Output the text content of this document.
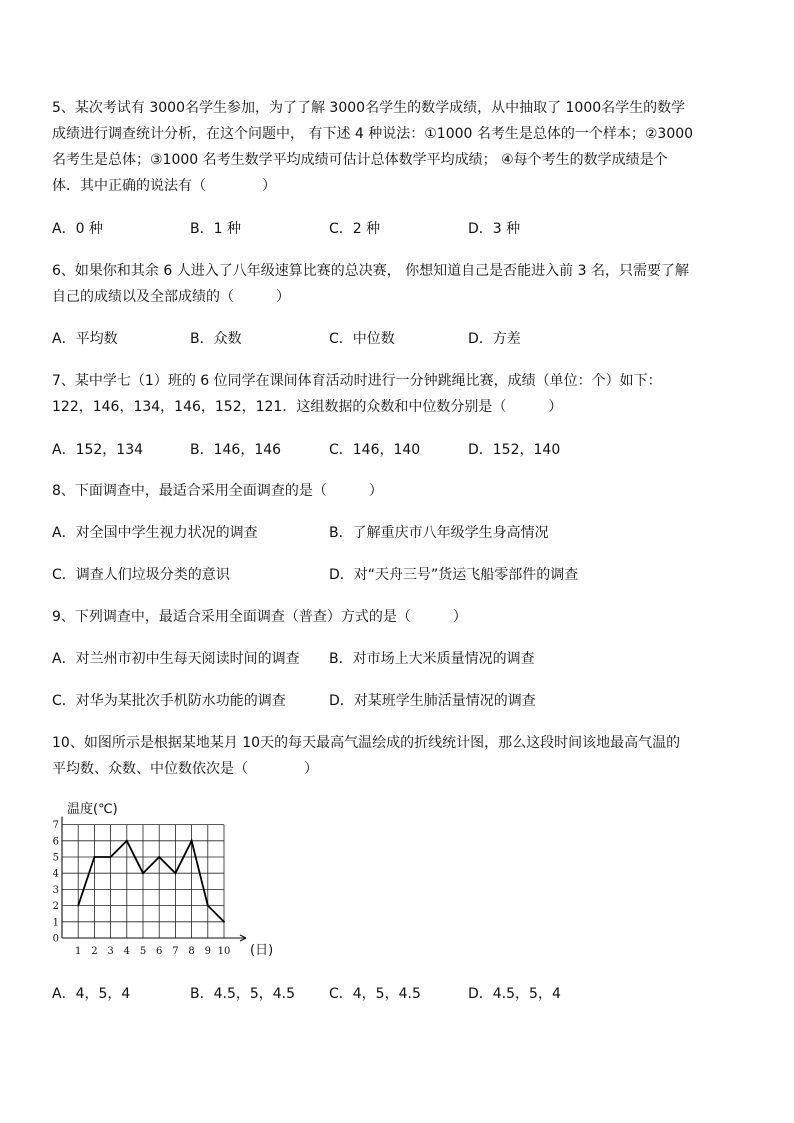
5、某次考试有 3000名学生参加，为了了解 3000名学生的数学成绩，从中抽取了 1000名学生的数学
成绩进行调查统计分析，在这个问题中， 有下述 4 种说法：①1000 名考生是总体的一个样本；②3000
名考生是总体；③1000 名考生数学平均成绩可估计总体数学平均成绩； ④每个考生的数学成绩是个
体．其中正确的说法有（　　　　）
A．0 种	B．1 种	C．2 种	D．3 种
6、如果你和其余 6 人进入了八年级速算比赛的总决赛， 你想知道自己是否能进入前 3 名，只需要了解
自己的成绩以及全部成绩的（　　　）
A．平均数	B．众数	C．中位数	D．方差
7、某中学七（1）班的 6 位同学在课间体育活动时进行一分钟跳绳比赛，成绩（单位：个）如下：
122，146，134，146，152，121．这组数据的众数和中位数分别是（　　　）
A．152，134	B．146，146	C．146，140	D．152，140
8、下面调查中，最适合采用全面调查的是（　　　）
A．对全国中学生视力状况的调查	B．了解重庆市八年级学生身高情况
C．调查人们垃圾分类的意识	D．对“天舟三号”货运飞船零部件的调查
9、下列调查中，最适合采用全面调查（普查）方式的是（　　　）
A．对兰州市初中生每天阅读时间的调查 B．对市场上大米质量情况的调查
C．对华为某批次手机防水功能的调查	D．对某班学生肺活量情况的调查
10、如图所示是根据某地某月 10天的每天最高气温绘成的折线统计图，那么这段时间该地最高气温的
平均数、众数、中位数依次是（　　　　）
0
1
2
3
4
5
6
7
1 2 3 4 5 6 7 8 9 10
温度(℃)
(日)
A．4，5，4	B．4.5，5，4.5 C．4，5，4.5	D．4.5，5，4
